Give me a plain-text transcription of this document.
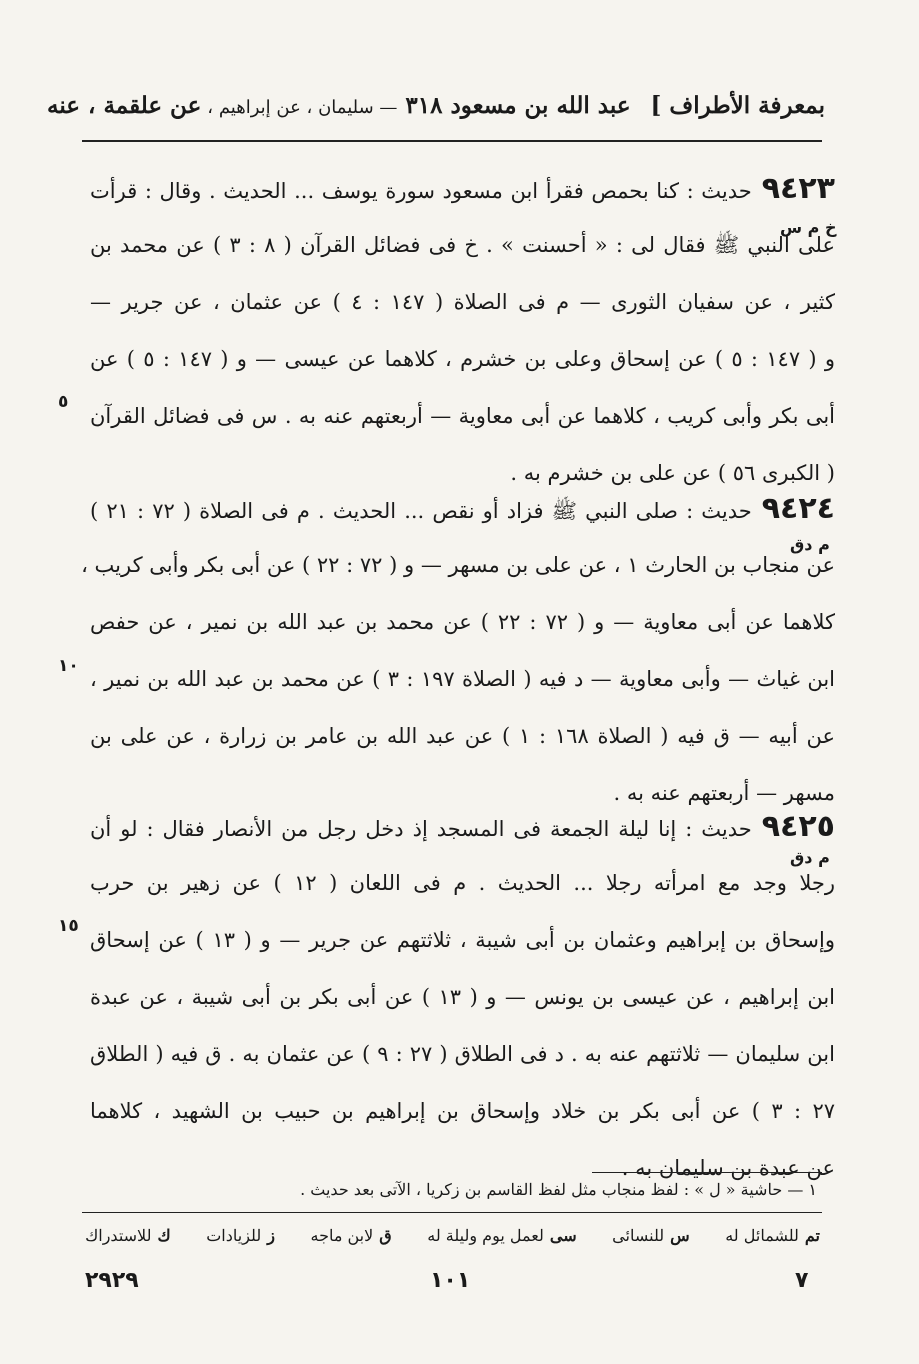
بمعرفة الأطراف ]
عبد الله بن مسعود ٣١٨
— سليمان ، عن إبراهيم ،
عن علقمة ، عنه
٩٤٢٣حديث : كنا بحمص فقرأ ابن مسعود سورة يوسف ... الحديث . وقال : قرأت
على النبي ﷺ فقال لى : « أحسنت » . خ فى فضائل القرآن ( ٨ : ٣ ) عن محمد بن
كثير ، عن سفيان الثورى — م فى الصلاة ( ١٤٧ : ٤ ) عن عثمان ، عن جرير —
و ( ١٤٧ : ٥ ) عن إسحاق وعلى بن خشرم ، كلاهما عن عيسى — و ( ١٤٧ : ٥ ) عن
أبى بكر وأبى كريب ، كلاهما عن أبى معاوية — أربعتهم عنه به . س فى فضائل القرآن
( الكبرى ٥٦ ) عن على بن خشرم به .
خ م س
٥
٩٤٢٤حديث : صلى النبي ﷺ فزاد أو نقص ... الحديث . م فى الصلاة ( ٧٢ : ٢١ )
عن منجاب بن الحارث ١ ، عن على بن مسهر — و ( ٧٢ : ٢٢ ) عن أبى بكر وأبى كريب ،
كلاهما عن أبى معاوية — و ( ٧٢ : ٢٢ ) عن محمد بن عبد الله بن نمير ، عن حفص
ابن غياث — وأبى معاوية — د فيه ( الصلاة ١٩٧ : ٣ ) عن محمد بن عبد الله بن نمير ،
عن أبيه — ق فيه ( الصلاة ١٦٨ : ١ ) عن عبد الله بن عامر بن زرارة ، عن على بن
مسهر — أربعتهم عنه به .
م دق
١٠
٩٤٢٥حديث : إنا ليلة الجمعة فى المسجد إذ دخل رجل من الأنصار فقال : لو أن
رجلا وجد مع امرأته رجلا ... الحديث . م فى اللعان ( ١٢ ) عن زهير بن حرب
وإسحاق بن إبراهيم وعثمان بن أبى شيبة ، ثلاثتهم عن جرير — و ( ١٣ ) عن إسحاق
ابن إبراهيم ، عن عيسى بن يونس — و ( ١٣ ) عن أبى بكر بن أبى شيبة ، عن عبدة
ابن سليمان — ثلاثتهم عنه به . د فى الطلاق ( ٢٧ : ٩ ) عن عثمان به . ق فيه ( الطلاق
٢٧ : ٣ ) عن أبى بكر بن خلاد وإسحاق بن إبراهيم بن حبيب بن الشهيد ، كلاهما
عن عبدة بن سليمان به .
م دق
١٥
١ — حاشية « ل » : لفظ منجاب مثل لفظ القاسم بن زكريا ، الآتى بعد حديث .
تمللشمائل له
سللنسائى
سىلعمل يوم وليلة له
قلابن ماجه
زللزيادات
كللاستدراك
٢٩٢٩	١٠١	٧
